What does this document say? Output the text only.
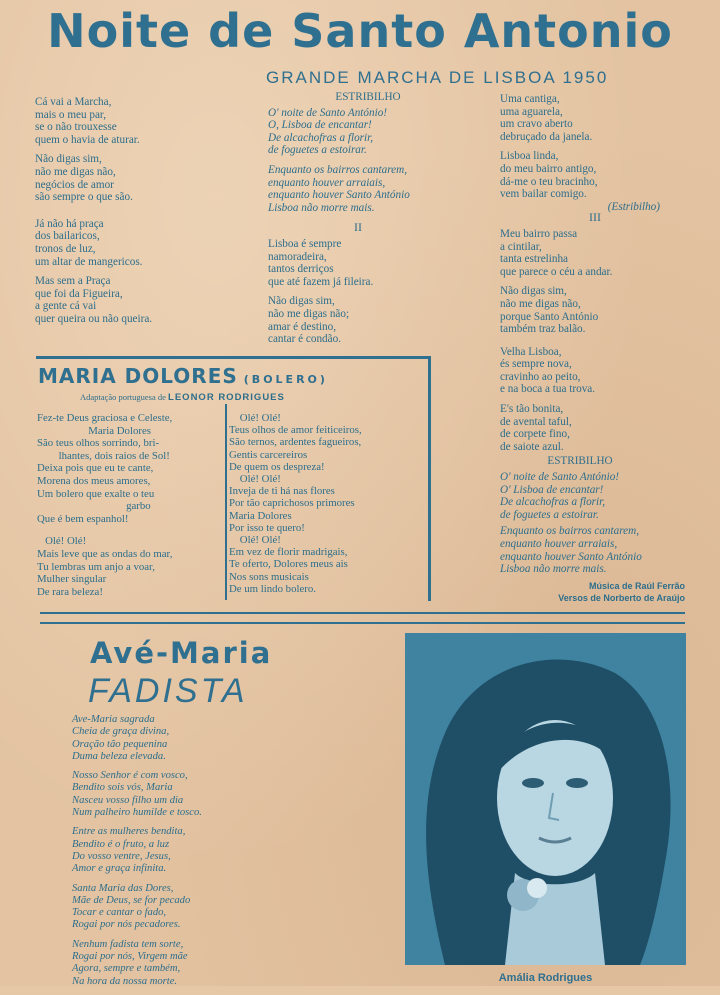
Noite de Santo Antonio
GRANDE MARCHA DE LISBOA 1950

Cá vai a Marcha,
mais o meu par,
se o não trouxesse
quem o havia de aturar.

Não digas sim,
não me digas não,
negócios de amor
são sempre o que são.

Já não há praça
dos bailaricos,
tronos de luz,
um altar de mangericos.

Mas sem a Praça
que foi da Figueira,
a gente cá vai
quer queira ou não queira.

ESTRIBILHO

O' noite de Santo António!
O, Lisboa de encantar!
De alcachofras a florir,
de foguetes a estoirar.

Enquanto os bairros cantarem,
enquanto houver arraiais,
enquanto houver Santo António
Lisboa não morre mais.

II

Lisboa é sempre
namoradeira,
tantos derriços
que até fazem já fileira.

Não digas sim,
não me digas não;
amar é destino,
cantar é condão.

Uma cantiga,
uma aguarela,
um cravo aberto
debruçado da janela.

Lisboa linda,
do meu bairro antigo,
dá-me o teu bracinho,
vem bailar comigo.

(Estribilho)
III

Meu bairro passa
a cintilar,
tanta estrelinha
que parece o céu a andar.

Não digas sim,
não me digas não,
porque Santo António
também traz balão.

Velha Lisboa,
és sempre nova,
cravinho ao peito,
e na boca a tua trova.

E's tão bonita,
de avental taful,
de corpete fino,
de saiote azul.

ESTRIBILHO

O' noite de Santo António!
O' Lisboa de encantar!
De alcachofras a florir,
de foguetes a estoirar.

Enquanto os bairros cantarem,
enquanto houver arraiais,
enquanto houver Santo António
Lisboa não morre mais.

Música de Raúl Ferrão
Versos de Norberto de Araújo
MARIA DOLORES (BOLERO)
Adaptação portuguesa de LEONOR RODRIGUES

Fez-te Deus graciosa e Celeste,
Maria Dolores
São teus olhos sorrindo, bri-
lhantes, dois raios de Sol!
Deixa pois que eu te cante,
Morena dos meus amores,
Um bolero que exalte o teu
garbo
Que é bem espanhol!

Olé! Olé!
Mais leve que as ondas do mar,
Tu lembras um anjo a voar,
Mulher singular
De rara beleza!

Olé! Olé!
Teus olhos de amor feiticeiros,
São ternos, ardentes fagueiros,
Gentis carcereiros
De quem os despreza!
Olé! Olé!
Inveja de ti há nas flores
Por tão caprichosos primores
Maria Dolores
Por isso te quero!
Olé! Olé!
Em vez de florir madrigais,
Te oferto, Dolores meus ais
Nos sons musicais
De um lindo bolero.

Avé-Maria
FADISTA

Ave-Maria sagrada
Cheia de graça divina,
Oração tão pequenina
Duma beleza elevada.

Nosso Senhor é com vosco,
Bendito sois vós, Maria
Nasceu vosso filho um dia
Num palheiro humilde e tosco.

Entre as mulheres bendita,
Bendito é o fruto, a luz
Do vosso ventre, Jesus,
Amor e graça infinita.

Santa Maria das Dores,
Mãe de Deus, se for pecado
Tocar e cantar o fado,
Rogai por nós pecadores.

Nenhum fadista tem sorte,
Rogai por nós, Virgem mãe
Agora, sempre e também,
Na hora da nossa morte.	Amália Rodrigues
